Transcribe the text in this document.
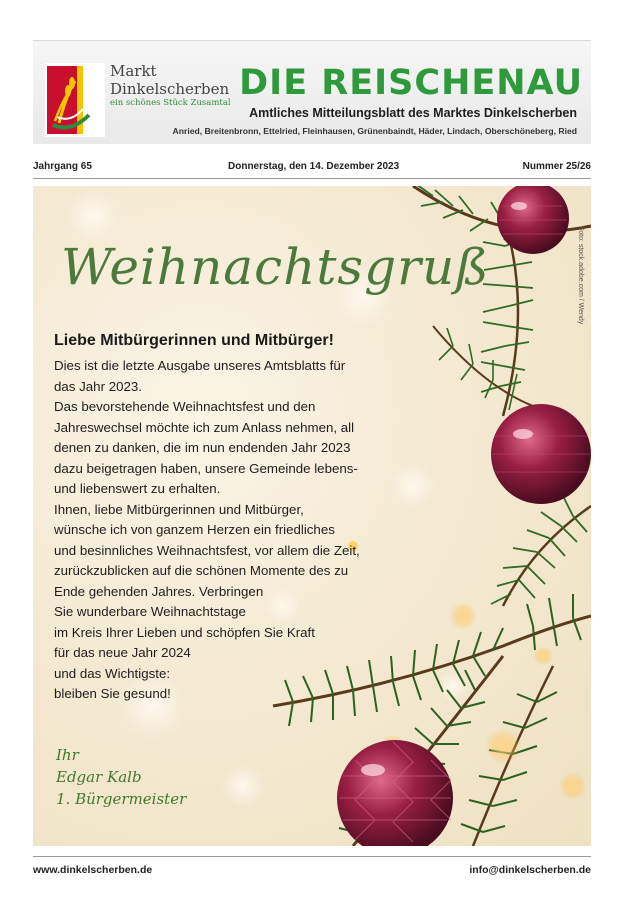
Markt
Dinkelscherben
ein schönes Stück Zusamtal DIE REISCHENAU
Amtliches Mitteilungsblatt des Marktes Dinkelscherben
Anried, Breitenbronn, Ettelried, Fleinhausen, Grünenbaindt, Häder, Lindach, Oberschöneberg, Ried
Jahrgang 65	Donnerstag, den 14. Dezember 2023	Nummer 25/26
Weihnachtsgruß
Liebe Mitbürgerinnen und Mitbürger!

Dies ist die letzte Ausgabe unseres Amtsblatts für

das Jahr 2023.

Das bevorstehende Weihnachtsfest und den

Jahreswechsel möchte ich zum Anlass nehmen, all

denen zu danken, die im nun endenden Jahr 2023

dazu beigetragen haben, unsere Gemeinde lebens-

und liebenswert zu erhalten.

Ihnen, liebe Mitbürgerinnen und Mitbürger,

wünsche ich von ganzem Herzen ein friedliches

und besinnliches Weihnachtsfest, vor allem die Zeit,

zurückzublicken auf die schönen Momente des zu

Ende gehenden Jahres. Verbringen

Sie wunderbare Weihnachtstage

im Kreis Ihrer Lieben und schöpfen Sie Kraft

für das neue Jahr 2024

und das Wichtigste:

bleiben Sie gesund!

Ihr
Edgar Kalb
1. Bürgermeister
Foto: stock.adobe.com / Wendy
www.dinkelscherben.de	info@dinkelscherben.de
